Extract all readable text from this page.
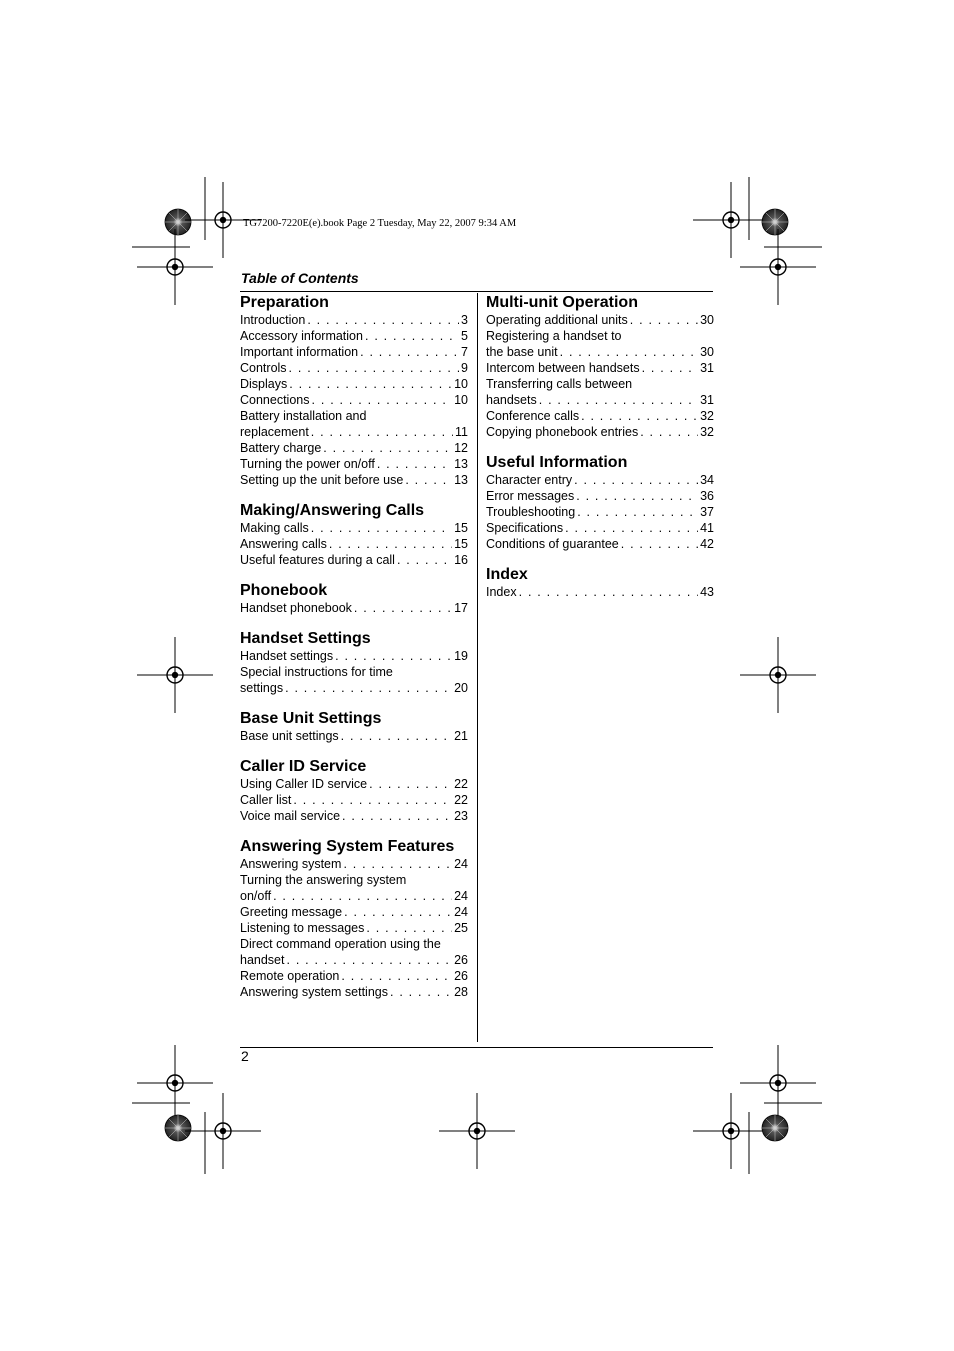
TG7200-7220E(e).book Page 2 Tuesday, May 22, 2007 9:34 AM
Table of Contents
Preparation
Introduction . . .	3
Accessory information . . .	5
Important information . . .	7
Controls . . .	9
Displays . . .	10
Connections . . .	10
Battery installation and
replacement . . .	11
Battery charge . . .	12
Turning the power on/off . . .	13
Setting up the unit before use . . .	13
Making/Answering Calls
Making calls . . .	15
Answering calls . . .	15
Useful features during a call . . .	16
Phonebook
Handset phonebook . . .	17
Handset Settings
Handset settings . . .	19
Special instructions for time
settings . . .	20
Base Unit Settings
Base unit settings . . .	21
Caller ID Service
Using Caller ID service . . .	22
Caller list . . .	22
Voice mail service . . .	23
Answering System Features
Answering system . . .	24
Turning the answering system
on/off . . .	24
Greeting message . . .	24
Listening to messages . . .	25
Direct command operation using the
handset . . .	26
Remote operation . . .	26
Answering system settings . . .	28
Multi-unit Operation
Operating additional units . . .	30
Registering a handset to
the base unit . . .	30
Intercom between handsets . . .	31
Transferring calls between
handsets . . .	31
Conference calls . . .	32
Copying phonebook entries . . .	32
Useful Information
Character entry . . .	34
Error messages . . .	36
Troubleshooting . . .	37
Specifications . . .	41
Conditions of guarantee . . .	42
Index
Index . . .	43
2
